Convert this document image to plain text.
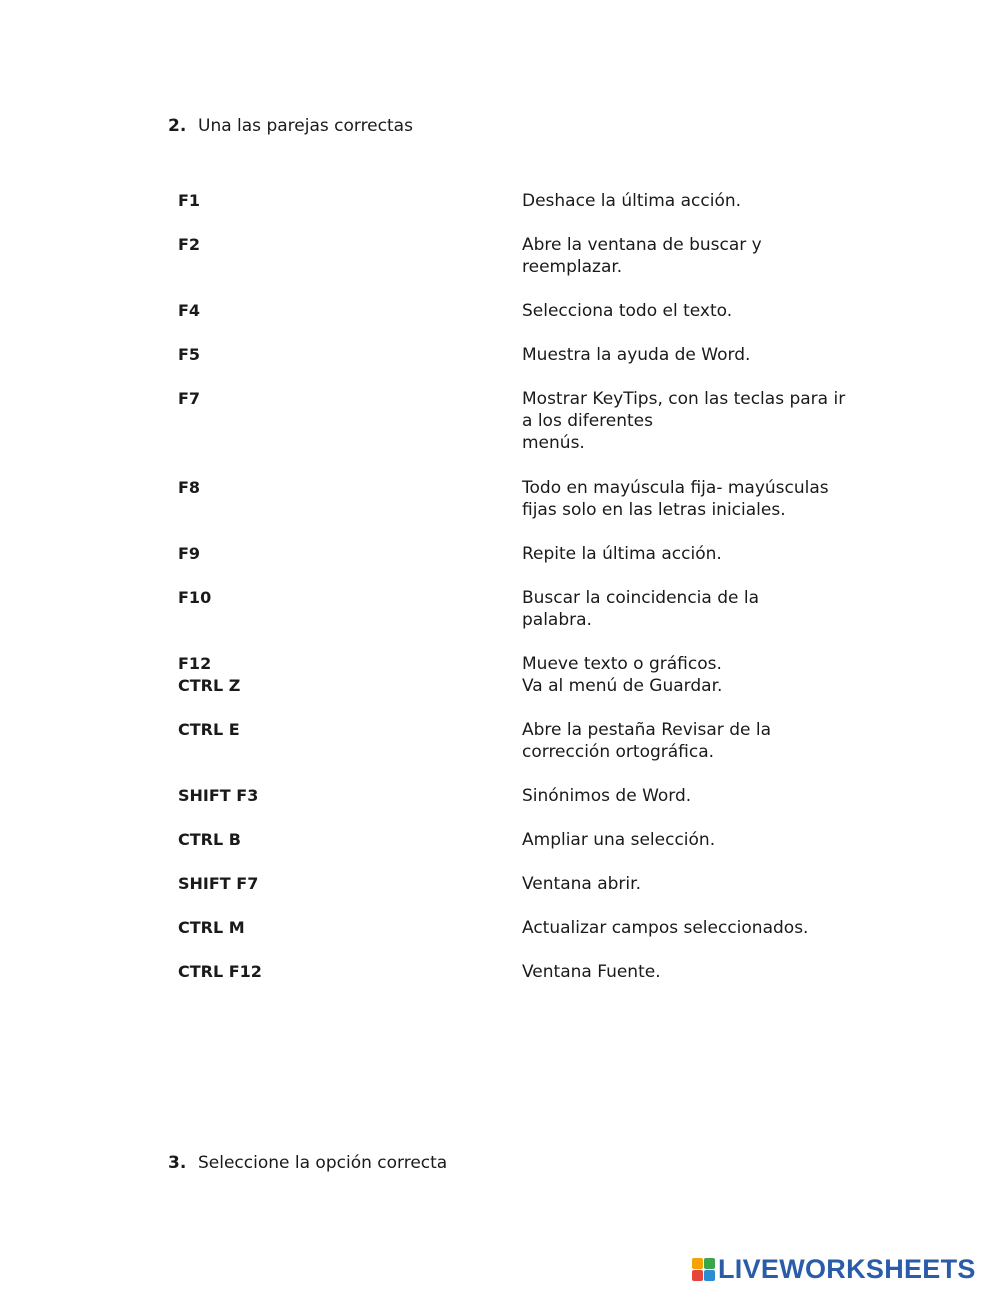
2. Una las parejas correctas
F1
F2
F4
F5
F7
F8
F9
F10
F12
CTRL Z
CTRL E
SHIFT F3
CTRL B
SHIFT F7
CTRL M
CTRL F12
Deshace la última acción.
Abre la ventana de buscar y
reemplazar.
Selecciona todo el texto.
Muestra la ayuda de Word.
Mostrar KeyTips, con las teclas para ir
a los diferentes
menús.
Todo en mayúscula fija- mayúsculas
fijas solo en las letras iniciales.
Repite la última acción.
Buscar la coincidencia de la
palabra.
Mueve texto o gráficos.
Va al menú de Guardar.
Abre la pestaña Revisar de la
corrección ortográfica.
Sinónimos de Word.
Ampliar una selección.
Ventana abrir.
Actualizar campos seleccionados.
Ventana Fuente.
3. Seleccione la opción correcta
LIVEWORKSHEETS
